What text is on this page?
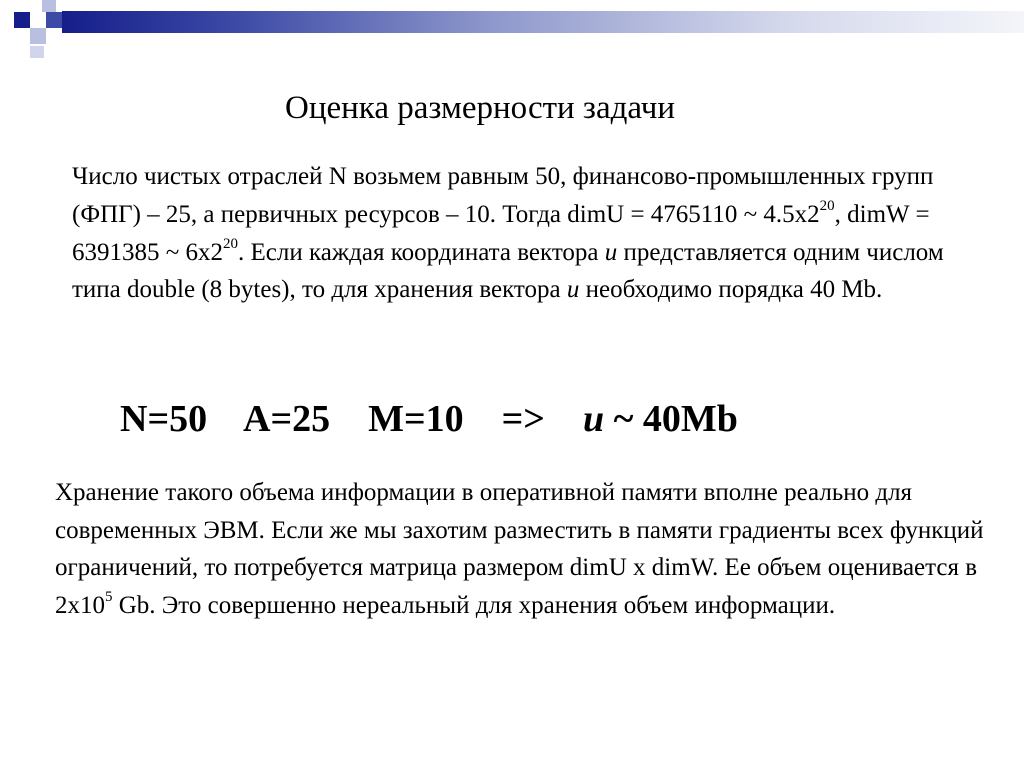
Оценка размерности задачи

Число чистых отраслей N возьмем равным 50, финансово-промышленных групп (ФПГ) – 25, а первичных ресурсов – 10. Тогда dimU = 4765110 ~ $4.5x2^{20}$, dimW = 6391385 ~ $6x2^{20}$. Если каждая координата вектора u представляется одним числом типа double (8 bytes), то для хранения вектора u необходимо порядка 40 Mb.

N=50 A=25 M=10 => u ~ 40Mb

Хранение такого объема информации в оперативной памяти вполне реально для современных ЭВМ. Если же мы захотим разместить в памяти градиенты всех функций ограничений, то потребуется матрица размером dimU x dimW. Ее объем оценивается в $2x10^5$ Gb. Это совершенно нереальный для хранения объем информации.
